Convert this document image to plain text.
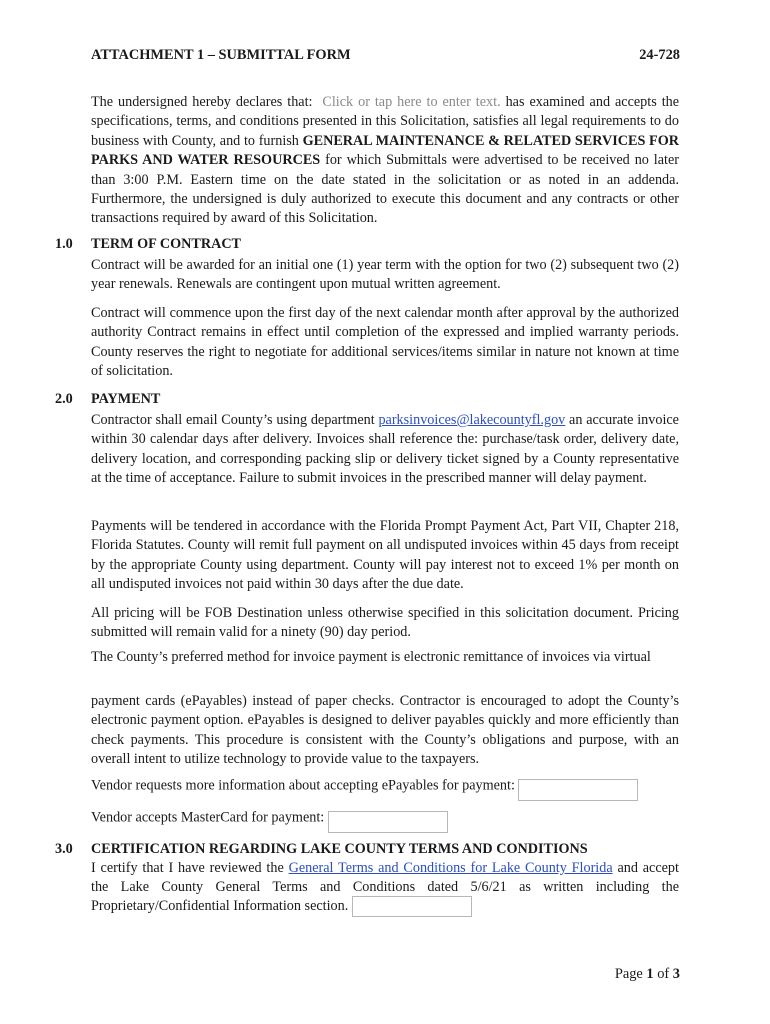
ATTACHMENT 1 – SUBMITTAL FORM	24-728

The undersigned hereby declares that: Click or tap here to enter text. has examined and accepts the specifications, terms, and conditions presented in this Solicitation, satisfies all legal requirements to do business with County, and to furnish GENERAL MAINTENANCE & RELATED SERVICES FOR PARKS AND WATER RESOURCES for which Submittals were advertised to be received no later than 3:00 P.M. Eastern time on the date stated in the solicitation or as noted in an addenda. Furthermore, the undersigned is duly authorized to execute this document and any contracts or other transactions required by award of this Solicitation.

1.0 TERM OF CONTRACT

Contract will be awarded for an initial one (1) year term with the option for two (2) subsequent two (2) year renewals. Renewals are contingent upon mutual written agreement.

Contract will commence upon the first day of the next calendar month after approval by the authorized authority Contract remains in effect until completion of the expressed and implied warranty periods. County reserves the right to negotiate for additional services/items similar in nature not known at time of solicitation.

2.0 PAYMENT

Contractor shall email County’s using department parksinvoices@lakecountyfl.gov an accurate invoice within 30 calendar days after delivery. Invoices shall reference the: purchase/task order, delivery date, delivery location, and corresponding packing slip or delivery ticket signed by a County representative at the time of acceptance. Failure to submit invoices in the prescribed manner will delay payment.

Payments will be tendered in accordance with the Florida Prompt Payment Act, Part VII, Chapter 218, Florida Statutes. County will remit full payment on all undisputed invoices within 45 days from receipt by the appropriate County using department. County will pay interest not to exceed 1% per month on all undisputed invoices not paid within 30 days after the due date.

All pricing will be FOB Destination unless otherwise specified in this solicitation document. Pricing submitted will remain valid for a ninety (90) day period.

The County’s preferred method for invoice payment is electronic remittance of invoices via virtual

payment cards (ePayables) instead of paper checks. Contractor is encouraged to adopt the County’s electronic payment option. ePayables is designed to deliver payables quickly and more efficiently than check payments. This procedure is consistent with the County’s obligations and purpose, with an overall intent to utilize technology to provide value to the taxpayers.

Vendor requests more information about accepting ePayables for payment:
Vendor accepts MasterCard for payment:
3.0 CERTIFICATION REGARDING LAKE COUNTY TERMS AND CONDITIONS

I certify that I have reviewed the General Terms and Conditions for Lake County Florida and accept the Lake County General Terms and Conditions dated 5/6/21 as written including the Proprietary/Confidential Information section.

Page 1 of 3
